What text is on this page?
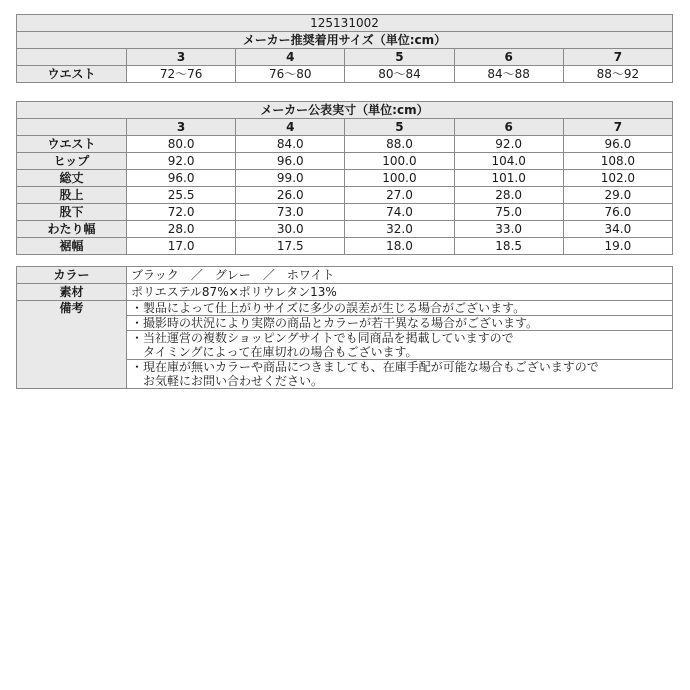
125131002					
メーカー推奨着用サイズ（単位:cm）					
	3	4	5	6	7
ウエスト	72～76	76～80	80～84	84～88	88～92
メーカー公表実寸（単位:cm）					
	3	4	5	6	7
ウエスト	80.0	84.0	88.0	92.0	96.0
ヒップ	92.0	96.0	100.0	104.0	108.0
総丈	96.0	99.0	100.0	101.0	102.0
股上	25.5	26.0	27.0	28.0	29.0
股下	72.0	73.0	74.0	75.0	76.0
わたり幅	28.0	30.0	32.0	33.0	34.0
裾幅	17.0	17.5	18.0	18.5	19.0
カラー	ブラック　／　グレー　／　ホワイト
素材	ポリエステル87%×ポリウレタン13%
備考	・製品によって仕上がりサイズに多少の誤差が生じる場合がございます。

	・撮影時の状況により実際の商品とカラーが若干異なる場合がございます。

	・当社運営の複数ショッピングサイトでも同商品を掲載していますので
　タイミングによって在庫切れの場合もございます。

	・現在庫が無いカラーや商品につきましても、在庫手配が可能な場合もございますので
　お気軽にお問い合わせください。
